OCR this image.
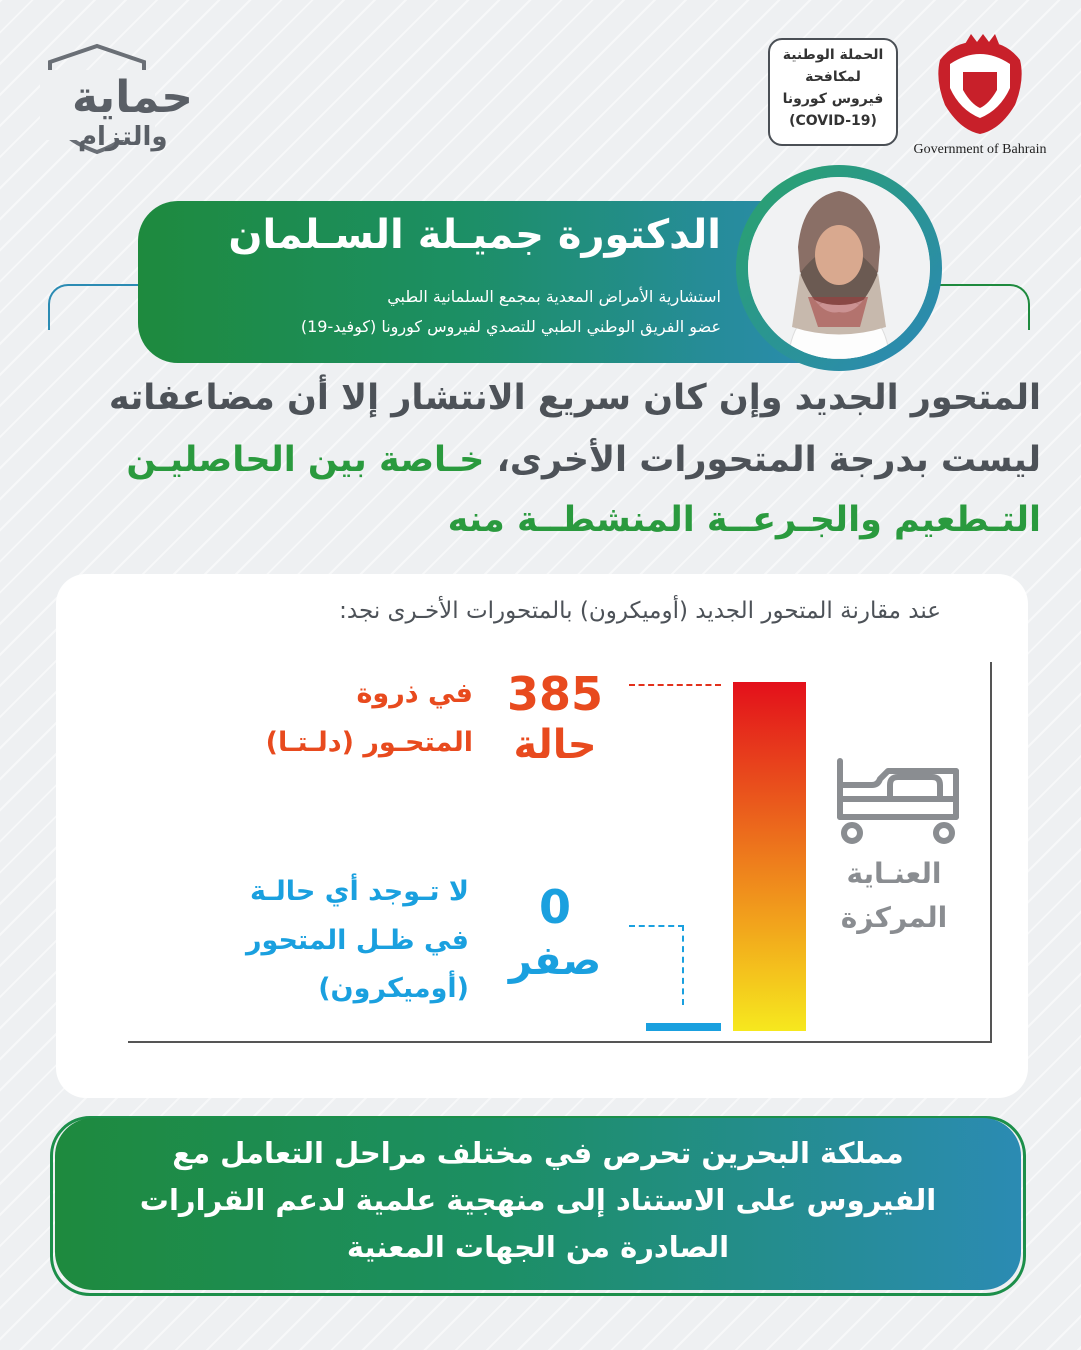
حماية
والتزام
الحملة الوطنية
لمكافحة
فيروس كورونا
(COVID-19)
Government of Bahrain
الدكتورة جميـلة السـلمان
استشارية الأمراض المعدية بمجمع السلمانية الطبي
عضو الفريق الوطني الطبي للتصدي لفيروس كورونا (كوفيد-19)
المتحور الجديد وإن كان سريع الانتشار إلا أن مضاعفاته
ليست بدرجة المتحورات الأخرى، خـاصة بين الحاصليـن
التـطعيم والجـرعــة المنشطــة منه
عند مقارنة المتحور الجديد (أوميكرون) بالمتحورات الأخـرى نجد:
العنـاية
المركزة
385
حالة
في ذروة
المتحـور (دلـتـا)
0
صفر
لا تـوجد أي حالـة
في ظـل المتحور
(أوميكرون)
مملكة البحرين تحرص في مختلف مراحل التعامل مع
الفيروس على الاستناد إلى منهجية علمية لدعم القرارات
الصادرة من الجهات المعنية
